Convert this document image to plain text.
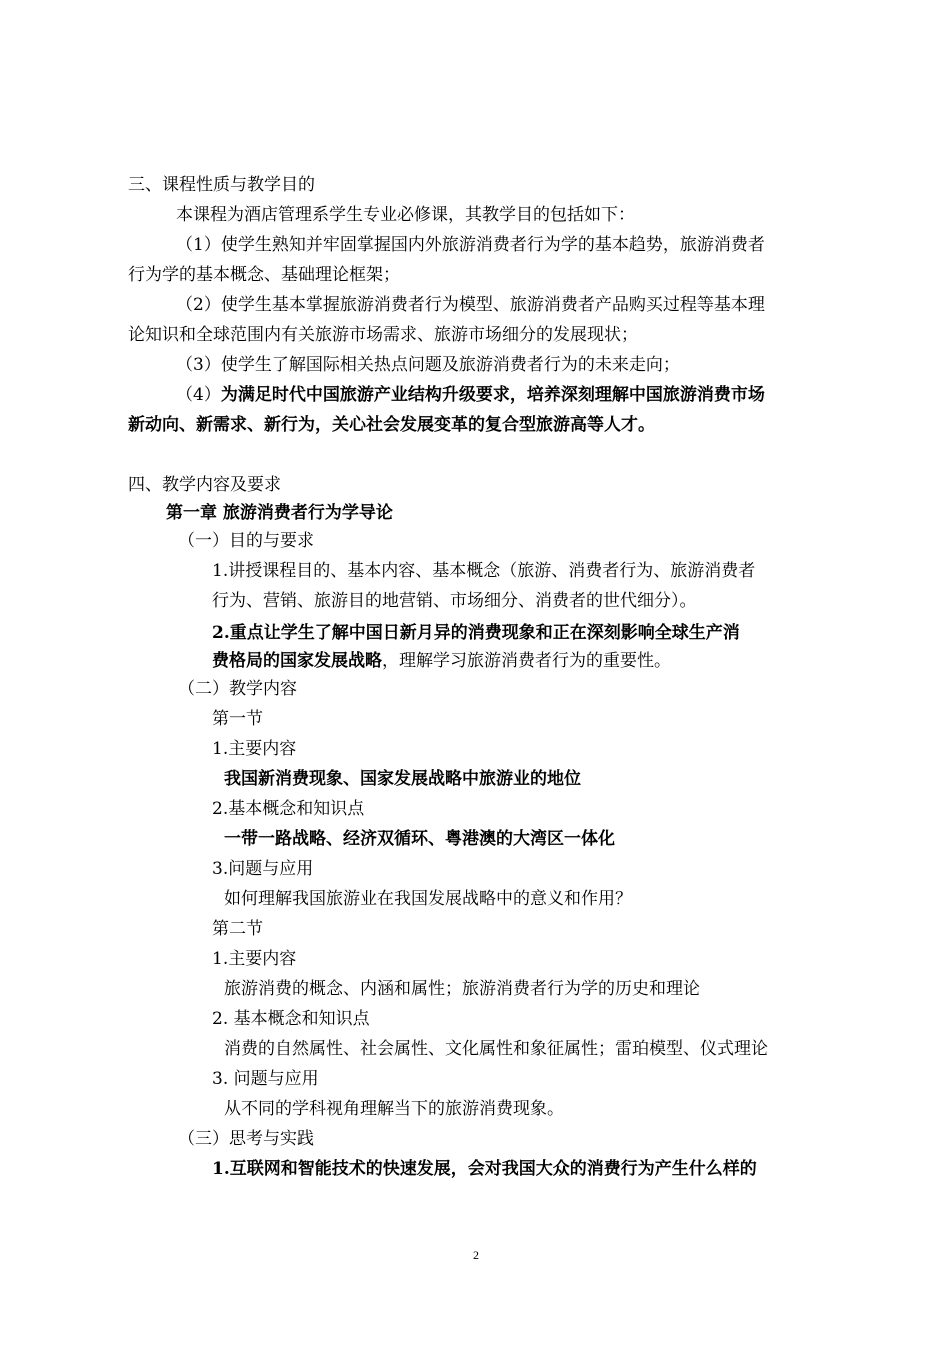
三、课程性质与教学目的
本课程为酒店管理系学生专业必修课，其教学目的包括如下：
（1）使学生熟知并牢固掌握国内外旅游消费者行为学的基本趋势，旅游消费者
行为学的基本概念、基础理论框架；
（2）使学生基本掌握旅游消费者行为模型、旅游消费者产品购买过程等基本理
论知识和全球范围内有关旅游市场需求、旅游市场细分的发展现状；
（3）使学生了解国际相关热点问题及旅游消费者行为的未来走向；
（4）为满足时代中国旅游产业结构升级要求，培养深刻理解中国旅游消费市场
新动向、新需求、新行为，关心社会发展变革的复合型旅游高等人才。
四、教学内容及要求
第一章 旅游消费者行为学导论
（一）目的与要求
1.讲授课程目的、基本内容、基本概念（旅游、消费者行为、旅游消费者
行为、营销、旅游目的地营销、市场细分、消费者的世代细分）。
2.重点让学生了解中国日新月异的消费现象和正在深刻影响全球生产消
费格局的国家发展战略，理解学习旅游消费者行为的重要性。
（二）教学内容
第一节
1.主要内容
我国新消费现象、国家发展战略中旅游业的地位
2.基本概念和知识点
一带一路战略、经济双循环、粤港澳的大湾区一体化
3.问题与应用
如何理解我国旅游业在我国发展战略中的意义和作用？
第二节
1.主要内容
旅游消费的概念、内涵和属性；旅游消费者行为学的历史和理论
2. 基本概念和知识点
消费的自然属性、社会属性、文化属性和象征属性；雷珀模型、仪式理论
3. 问题与应用
从不同的学科视角理解当下的旅游消费现象。
（三）思考与实践
1.互联网和智能技术的快速发展，会对我国大众的消费行为产生什么样的
2
